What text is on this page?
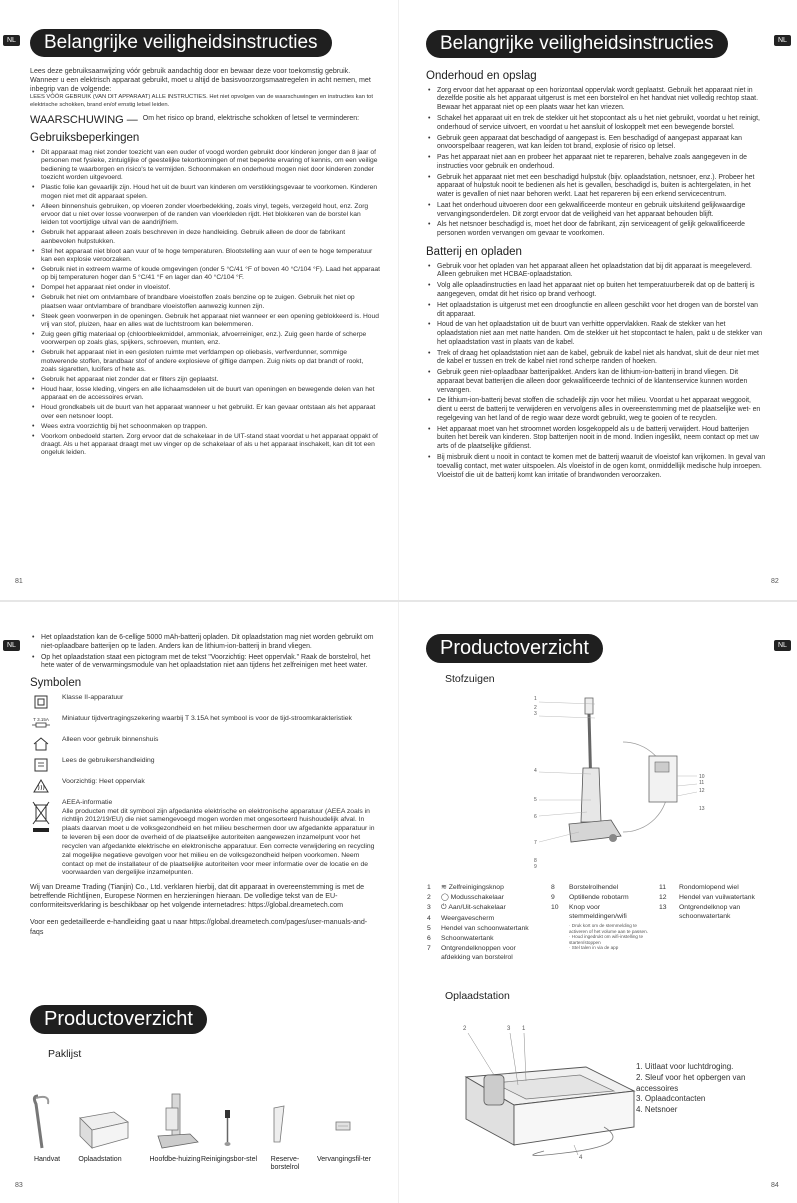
NL	Belangrijke veiligheidsinstructies

Lees deze gebruiksaanwijzing vóór gebruik aandachtig door en bewaar deze voor toekomstig gebruik.

Wanneer u een elektrisch apparaat gebruikt, moet u altijd de basisvoorzorgsmaatregelen in acht nemen, met inbegrip van de volgende:

LEES VÓÓR GEBRUIK (VAN DIT APPARAAT) ALLE INSTRUCTIES. Het niet opvolgen van de waarschuwingen en instructies kan tot elektrische schokken, brand en/of ernstig letsel leiden.

WAARSCHUWING — Om het risico op brand, elektrische schokken of letsel te verminderen:
Gebruiksbeperkingen
• Dit apparaat mag niet zonder toezicht van een ouder of voogd worden gebruikt door kinderen jonger dan 8 jaar of personen met fysieke, zintuiglijke of geestelijke tekortkomingen of met beperkte ervaring of kennis, om een veilige bediening te waarborgen en risico's te vermijden. Schoonmaken en onderhoud mogen niet door kinderen zonder toezicht worden uitgevoerd.
• Plastic folie kan gevaarlijk zijn. Houd het uit de buurt van kinderen om verstikkingsgevaar te voorkomen. Kinderen mogen niet met dit apparaat spelen.
• Alleen binnenshuis gebruiken, op vloeren zonder vloerbedekking, zoals vinyl, tegels, verzegeld hout, enz. Zorg ervoor dat u niet over losse voorwerpen of de randen van vloerkleden rijdt. Het blokkeren van de borstel kan leiden tot voortijdige uitval van de aandrijfriem.
• Gebruik het apparaat alleen zoals beschreven in deze handleiding. Gebruik alleen de door de fabrikant aanbevolen hulpstukken.
• Stel het apparaat niet bloot aan vuur of te hoge temperaturen. Blootstelling aan vuur of een te hoge temperatuur kan een explosie veroorzaken.
• Gebruik niet in extreem warme of koude omgevingen (onder 5 °C/41 °F of boven 40 °C/104 °F). Laad het apparaat op bij temperaturen hoger dan 5 °C/41 °F en lager dan 40 °C/104 °F.
• Dompel het apparaat niet onder in vloeistof.
• Gebruik het niet om ontvlambare of brandbare vloeistoffen zoals benzine op te zuigen. Gebruik het niet op plaatsen waar ontvlambare of brandbare vloeistoffen aanwezig kunnen zijn.
• Steek geen voorwerpen in de openingen. Gebruik het apparaat niet wanneer er een opening geblokkeerd is. Houd vrij van stof, pluizen, haar en alles wat de luchtstroom kan belemmeren.
• Zuig geen giftig materiaal op (chloorbleekmiddel, ammoniak, afvoerreiniger, enz.). Zuig geen harde of scherpe voorwerpen op zoals glas, spijkers, schroeven, munten, enz.
• Gebruik het apparaat niet in een gesloten ruimte met verfdampen op oliebasis, verfverdunner, sommige motwerende stoffen, brandbaar stof of andere explosieve of giftige dampen. Zuig niets op dat brandt of rookt, zoals sigaretten, lucifers of hete as.
• Gebruik het apparaat niet zonder dat er filters zijn geplaatst.
• Houd haar, losse kleding, vingers en alle lichaamsdelen uit de buurt van openingen en bewegende delen van het apparaat en de accessoires ervan.
• Houd grondkabels uit de buurt van het apparaat wanneer u het gebruikt. Er kan gevaar ontstaan als het apparaat over een netsnoer loopt.
• Wees extra voorzichtig bij het schoonmaken op trappen.
• Voorkom onbedoeld starten. Zorg ervoor dat de schakelaar in de UIT-stand staat voordat u het apparaat oppakt of draagt. Als u het apparaat draagt met uw vinger op de schakelaar of als u het apparaat inschakelt, kan dit tot een ongeluk leiden.
81
Belangrijke veiligheidsinstructies	NL
Onderhoud en opslag
• Zorg ervoor dat het apparaat op een horizontaal oppervlak wordt geplaatst. Gebruik het apparaat niet in dezelfde positie als het apparaat uitgerust is met een borstelrol en het handvat niet volledig rechtop staat. Bewaar het apparaat niet op een plaats waar het kan vriezen.
• Schakel het apparaat uit en trek de stekker uit het stopcontact als u het niet gebruikt, voordat u het reinigt, onderhoud of service uitvoert, en voordat u het aansluit of loskoppelt met een bewegende borstel.
• Gebruik geen apparaat dat beschadigd of aangepast is. Een beschadigd of aangepast apparaat kan onvoorspelbaar reageren, wat kan leiden tot brand, explosie of risico op letsel.
• Pas het apparaat niet aan en probeer het apparaat niet te repareren, behalve zoals aangegeven in de instructies voor gebruik en onderhoud.
• Gebruik het apparaat niet met een beschadigd hulpstuk (bijv. oplaadstation, netsnoer, enz.). Probeer het apparaat of hulpstuk nooit te bedienen als het is gevallen, beschadigd is, buiten is achtergelaten, in het water is gevallen of niet naar behoren werkt. Laat het repareren bij een erkend servicecentrum.
• Laat het onderhoud uitvoeren door een gekwalificeerde monteur en gebruik uitsluitend gelijkwaardige vervangingsonderdelen. Dit zorgt ervoor dat de veiligheid van het apparaat behouden blijft.
• Als het netsnoer beschadigd is, moet het door de fabrikant, zijn serviceagent of gelijk gekwalificeerde personen worden vervangen om gevaar te voorkomen.
Batterij en opladen
• Gebruik voor het opladen van het apparaat alleen het oplaadstation dat bij dit apparaat is meegeleverd. Alleen gebruiken met HCBAE-oplaadstation.
• Volg alle oplaadinstructies en laad het apparaat niet op buiten het temperatuurbereik dat op de batterij is aangegeven, omdat dit het risico op brand verhoogt.
• Het oplaadstation is uitgerust met een droogfunctie en alleen geschikt voor het drogen van de borstel van dit apparaat.
• Houd de van het oplaadstation uit de buurt van verhitte oppervlakken. Raak de stekker van het oplaadstation niet aan met natte handen. Om de stekker uit het stopcontact te halen, pakt u de stekker van het oplaadstation vast in plaats van de kabel.
• Trek of draag het oplaadstation niet aan de kabel, gebruik de kabel niet als handvat, sluit de deur niet met de kabel er tussen en trek de kabel niet rond scherpe randen of hoeken.
• Gebruik geen niet-oplaadbaar batterijpakket. Anders kan de lithium-ion-batterij in brand vliegen. Dit apparaat bevat batterijen die alleen door gekwalificeerde technici of de klantenservice kunnen worden vervangen.
• De lithium-ion-batterij bevat stoffen die schadelijk zijn voor het milieu. Voordat u het apparaat weggooit, dient u eerst de batterij te verwijderen en vervolgens alles in overeenstemming met de plaatselijke wet- en regelgeving van het land of de regio waar deze wordt gebruikt, weg te gooien of te recyclen.
• Het apparaat moet van het stroomnet worden losgekoppeld als u de batterij verwijdert. Houd batterijen buiten het bereik van kinderen. Stop batterijen nooit in de mond. Indien ingeslikt, neem contact op met uw arts of de plaatselijke gifdienst.
• Bij misbruik dient u nooit in contact te komen met de batterij waaruit de vloeistof kan vrijkomen. In geval van toevallig contact, met water uitspoelen. Als vloeistof in de ogen komt, onmiddellijk medische hulp inroepen. Vloeistof die uit de batterij komt kan irritatie of brandwonden veroorzaken.
82
NL
• Het oplaadstation kan de 6-cellige 5000 mAh-batterij opladen. Dit oplaadstation mag niet worden gebruikt om niet-oplaadbare batterijen op te laden. Anders kan de lithium-ion-batterij in brand vliegen.
• Op het oplaadstation staat een pictogram met de tekst "Voorzichtig: Heet oppervlak." Raak de borstelrol, het hete water of de verwarmingsmodule van het oplaadstation niet aan tijdens het zelfreinigen met heet water.
Symbolen
Klasse II-apparatuur
T 3.15A Miniatuur tijdvertragingszekering waarbij T 3.15A het symbool is voor de tijd-stroomkarakteristiek
Alleen voor gebruik binnenshuis
Lees de gebruikershandleiding
Voorzichtig: Heet oppervlak
AEEA-informatie
Alle producten met dit symbool zijn afgedankte elektrische en elektronische apparatuur (AEEA zoals in richtlijn 2012/19/EU) die niet samengevoegd mogen worden met ongesorteerd huishoudelijk afval. In plaats daarvan moet u de volksgezondheid en het milieu beschermen door uw afgedankte apparatuur in te leveren bij een door de overheid of de plaatselijke autoriteiten aangewezen inzamelpunt voor het recyclen van afgedankte elektrische en elektronische apparatuur. Een correcte verwijdering en recycling zal mogelijke negatieve gevolgen voor het milieu en de volksgezondheid helpen voorkomen. Neem contact op met de installateur of de plaatselijke autoriteiten voor meer informatie over de locatie en de voorwaarden van dergelijke inzamelpunten.

Wij van Dreame Trading (Tianjin) Co., Ltd. verklaren hierbij, dat dit apparaat in overeenstemming is met de betreffende Richtlijnen, Europese Normen en herzieningen hieraan. De volledige tekst van de EU-conformiteitsverklaring is beschikbaar op het volgende internetadres: https://global.dreametech.com

Voor een gedetailleerde e-handleiding gaat u naar https://global.dreametech.com/pages/user-manuals-and-faqs

Productoverzicht
Paklijst
Handvat	Oplaadstation	Hoofdbe-huizing Reinigingsbor-stel	Reserve-borstelrol
Vervangingsfil-ter
83
Productoverzicht	NL
Stofzuigen
1
2
3
4
5
6
7
8
9
10
11
12
13
1	≋ Zelfreinigingsknop
2	◯ Modusschakelaar
3	⏻ Aan/Uit-schakelaar
4	Weergavescherm
5	Hendel van schoonwatertank
6	Schoonwatertank
7	Ontgrendelknoppen voor afdekking van borstelrol
8	Borstelrolhendel
9	Optillende robotarm
10	Knop voor stemmeldingen/wifi
· Druk kort om de stemmelding te activeren of het volume aan te passen.
· Houd ingedrukt om wifi-instelling te starten/stoppen
· Stel talen in via de app
11	Rondomlopend wiel
12	Hendel van vuilwatertank
13	Ontgrendelknop van schoonwatertank
Oplaadstation
2	3 1
4
1. Uitlaat voor luchtdroging.
2. Sleuf voor het opbergen van accessoires
3. Oplaadcontacten
4. Netsnoer
84
